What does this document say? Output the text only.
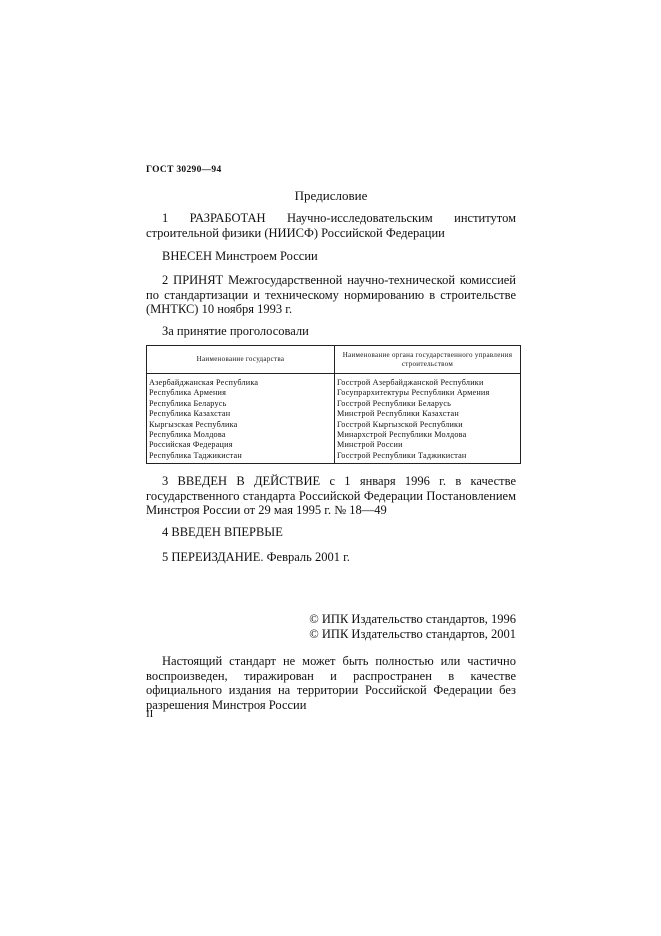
ГОСТ 30290—94
Предисловие
1 РАЗРАБОТАН Научно-исследовательским институтом строительной физики (НИИСФ) Российской Федерации
ВНЕСЕН Минстроем России
2 ПРИНЯТ Межгосударственной научно-технической комиссией по стандартизации и техническому нормированию в строительстве (МНТКС) 10 ноября 1993 г.
За принятие проголосовали
Наименование государства	Наименование органа государственного управления строительством
Азербайджанская Республика	Госстрой Азербайджанской Республики
Республика Армения	Госупрархитектуры Республики Армения
Республика Беларусь	Госстрой Республики Беларусь
Республика Казахстан	Минстрой Республики Казахстан
Кыргызская Республика	Госстрой Кыргызской Республики
Республика Молдова	Минархстрой Республики Молдова
Российская Федерация	Минстрой России
Республика Таджикистан	Госстрой Республики Таджикистан
3 ВВЕДЕН В ДЕЙСТВИЕ с 1 января 1996 г. в качестве государственного стандарта Российской Федерации Постановлением Минстроя России от 29 мая 1995 г. № 18—49
4 ВВЕДЕН ВПЕРВЫЕ
5 ПЕРЕИЗДАНИЕ. Февраль 2001 г.
© ИПК Издательство стандартов, 1996
© ИПК Издательство стандартов, 2001
Настоящий стандарт не может быть полностью или частично воспроизведен, тиражирован и распространен в качестве официального издания на территории Российской Федерации без разрешения Минстроя России
II
